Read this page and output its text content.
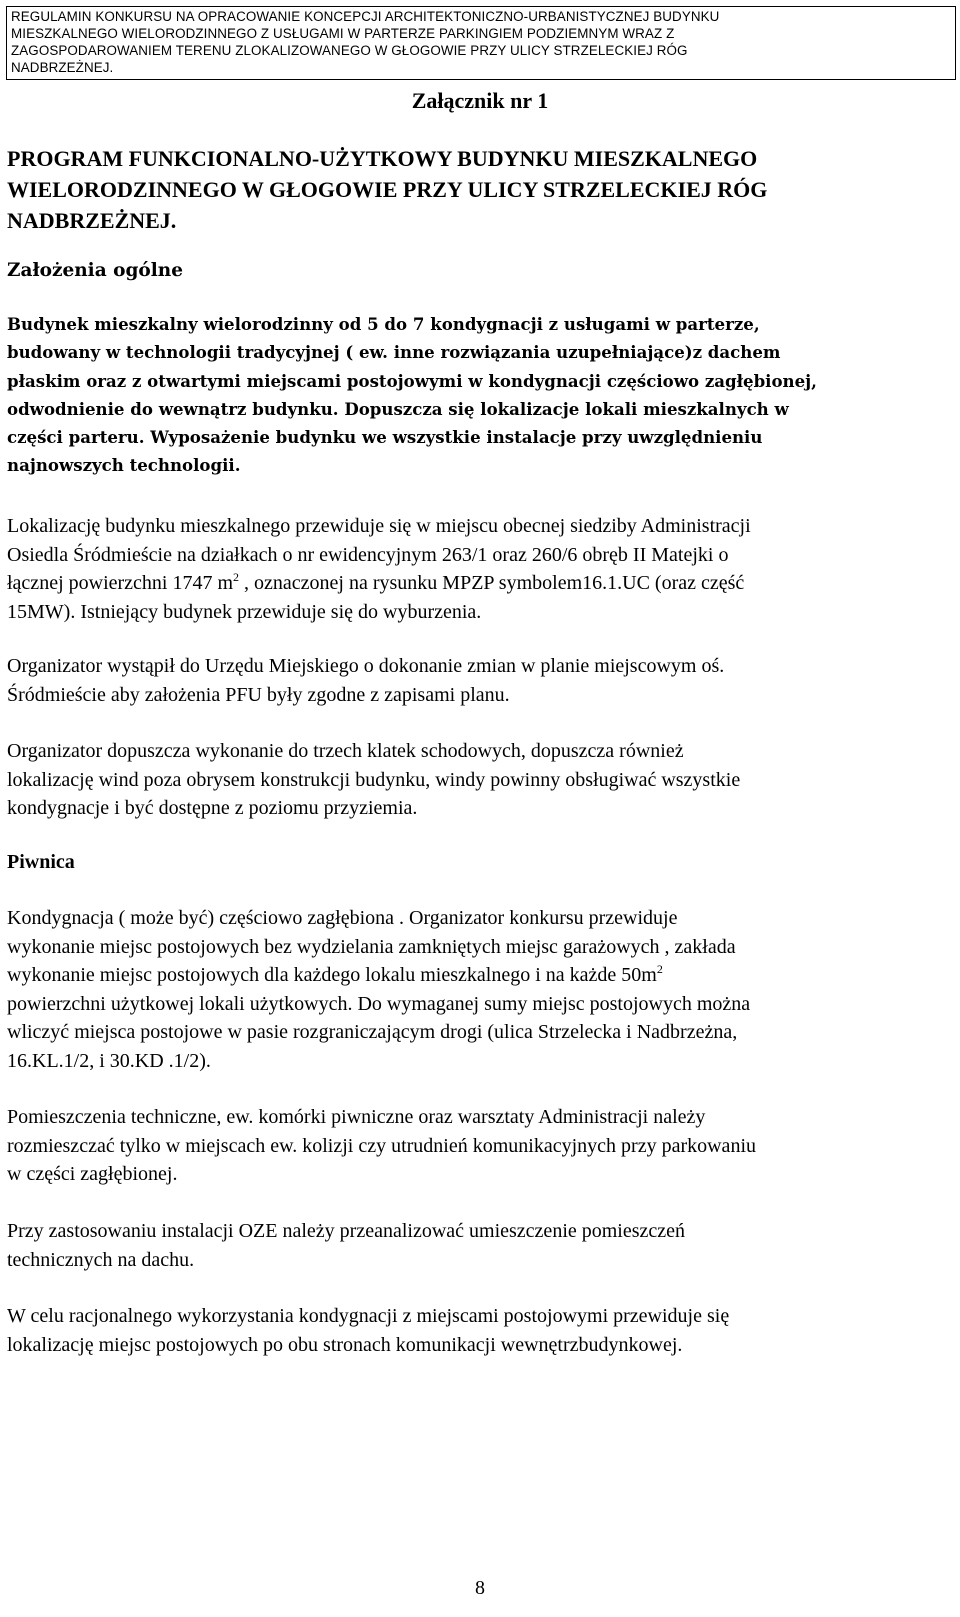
REGULAMIN KONKURSU NA OPRACOWANIE KONCEPCJI ARCHITEKTONICZNO-URBANISTYCZNEJ BUDYNKU
MIESZKALNEGO WIELORODZINNEGO Z USŁUGAMI W PARTERZE PARKINGIEM PODZIEMNYM WRAZ Z
ZAGOSPODAROWANIEM TERENU ZLOKALIZOWANEGO W GŁOGOWIE PRZY ULICY STRZELECKIEJ RÓG
NADBRZEŻNEJ.
Załącznik nr 1
PROGRAM FUNKCIONALNO-UŻYTKOWY BUDYNKU MIESZKALNEGO
WIELORODZINNEGO W GŁOGOWIE PRZY ULICY STRZELECKIEJ RÓG
NADBRZEŻNEJ.
Założenia ogólne
Budynek mieszkalny wielorodzinny od 5 do 7 kondygnacji z usługami w parterze,
budowany w technologii tradycyjnej ( ew. inne rozwiązania uzupełniające)z dachem
płaskim oraz z otwartymi miejscami postojowymi w kondygnacji częściowo zagłębionej,
odwodnienie do wewnątrz budynku. Dopuszcza się lokalizacje lokali mieszkalnych w
części parteru. Wyposażenie budynku we wszystkie instalacje przy uwzględnieniu
najnowszych technologii.
Lokalizację budynku mieszkalnego przewiduje się w miejscu obecnej siedziby Administracji
Osiedla Śródmieście na działkach o nr ewidencyjnym 263/1 oraz 260/6 obręb II Matejki o
łącznej powierzchni 1747 $m^2$ , oznaczonej na rysunku MPZP symbolem16.1.UC (oraz część
15MW). Istniejący budynek przewiduje się do wyburzenia.
Organizator wystąpił do Urzędu Miejskiego o dokonanie zmian w planie miejscowym oś.
Śródmieście aby założenia PFU były zgodne z zapisami planu.
Organizator dopuszcza wykonanie do trzech klatek schodowych, dopuszcza również
lokalizację wind poza obrysem konstrukcji budynku, windy powinny obsługiwać wszystkie
kondygnacje i być dostępne z poziomu przyziemia.
Piwnica
Kondygnacja ( może być) częściowo zagłębiona . Organizator konkursu przewiduje
wykonanie miejsc postojowych bez wydzielania zamkniętych miejsc garażowych , zakłada
wykonanie miejsc postojowych dla każdego lokalu mieszkalnego i na każde $50m^2$
powierzchni użytkowej lokali użytkowych. Do wymaganej sumy miejsc postojowych można
wliczyć miejsca postojowe w pasie rozgraniczającym drogi (ulica Strzelecka i Nadbrzeżna,
16.KL.1/2, i 30.KD .1/2).
Pomieszczenia techniczne, ew. komórki piwniczne oraz warsztaty Administracji należy
rozmieszczać tylko w miejscach ew. kolizji czy utrudnień komunikacyjnych przy parkowaniu
w części zagłębionej.
Przy zastosowaniu instalacji OZE należy przeanalizować umieszczenie pomieszczeń
technicznych na dachu.
W celu racjonalnego wykorzystania kondygnacji z miejscami postojowymi przewiduje się
lokalizację miejsc postojowych po obu stronach komunikacji wewnętrzbudynkowej.
8
